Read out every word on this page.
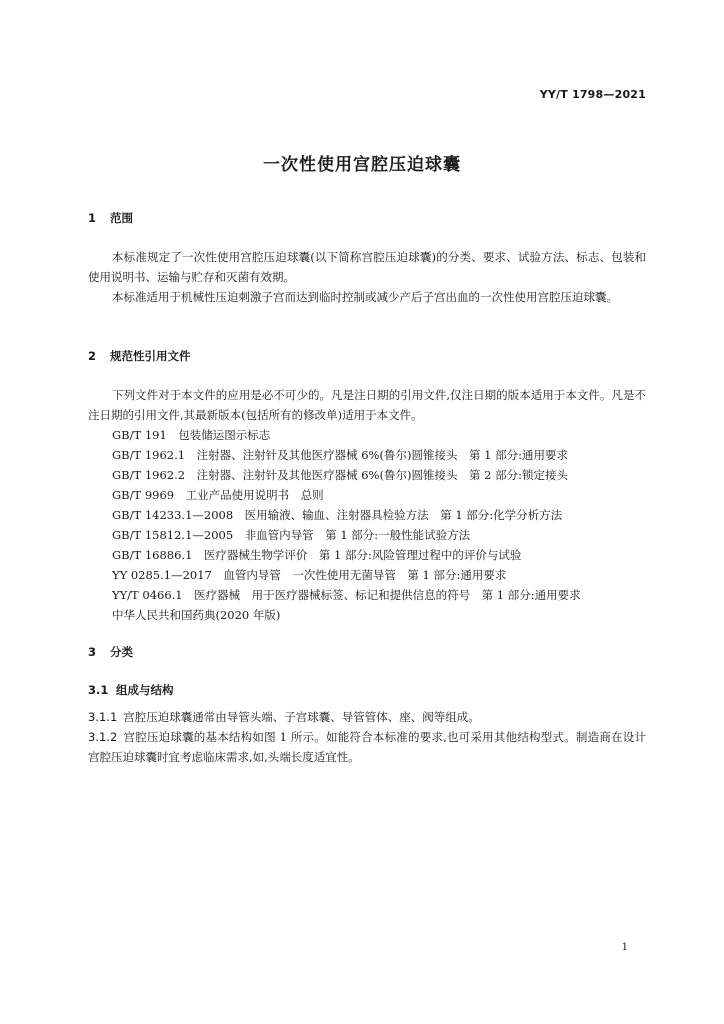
YY/T 1798—2021
一次性使用宫腔压迫球囊
1 范围
本标准规定了一次性使用宫腔压迫球囊(以下简称宫腔压迫球囊)的分类、要求、试验方法、标志、包装和使用说明书、运输与贮存和灭菌有效期。
本标准适用于机械性压迫刺激子宫而达到临时控制或减少产后子宫出血的一次性使用宫腔压迫球囊。
2 规范性引用文件
下列文件对于本文件的应用是必不可少的。凡是注日期的引用文件,仅注日期的版本适用于本文件。凡是不注日期的引用文件,其最新版本(包括所有的修改单)适用于本文件。
GB/T 191　包装储运图示标志
GB/T 1962.1　注射器、注射针及其他医疗器械 6%(鲁尔)圆锥接头　第 1 部分:通用要求
GB/T 1962.2　注射器、注射针及其他医疗器械 6%(鲁尔)圆锥接头　第 2 部分:锁定接头
GB/T 9969　工业产品使用说明书　总则
GB/T 14233.1—2008　医用输液、输血、注射器具检验方法　第 1 部分:化学分析方法
GB/T 15812.1—2005　非血管内导管　第 1 部分:一般性能试验方法
GB/T 16886.1　医疗器械生物学评价　第 1 部分:风险管理过程中的评价与试验
YY 0285.1—2017　血管内导管　一次性使用无菌导管　第 1 部分:通用要求
YY/T 0466.1　医疗器械　用于医疗器械标签、标记和提供信息的符号　第 1 部分:通用要求
中华人民共和国药典(2020 年版)
3 分类
3.1 组成与结构
3.1.1 宫腔压迫球囊通常由导管头端、子宫球囊、导管管体、座、阀等组成。
3.1.2 宫腔压迫球囊的基本结构如图 1 所示。如能符合本标准的要求,也可采用其他结构型式。制造商在设计宫腔压迫球囊时宜考虑临床需求,如,头端长度适宜性。
1
